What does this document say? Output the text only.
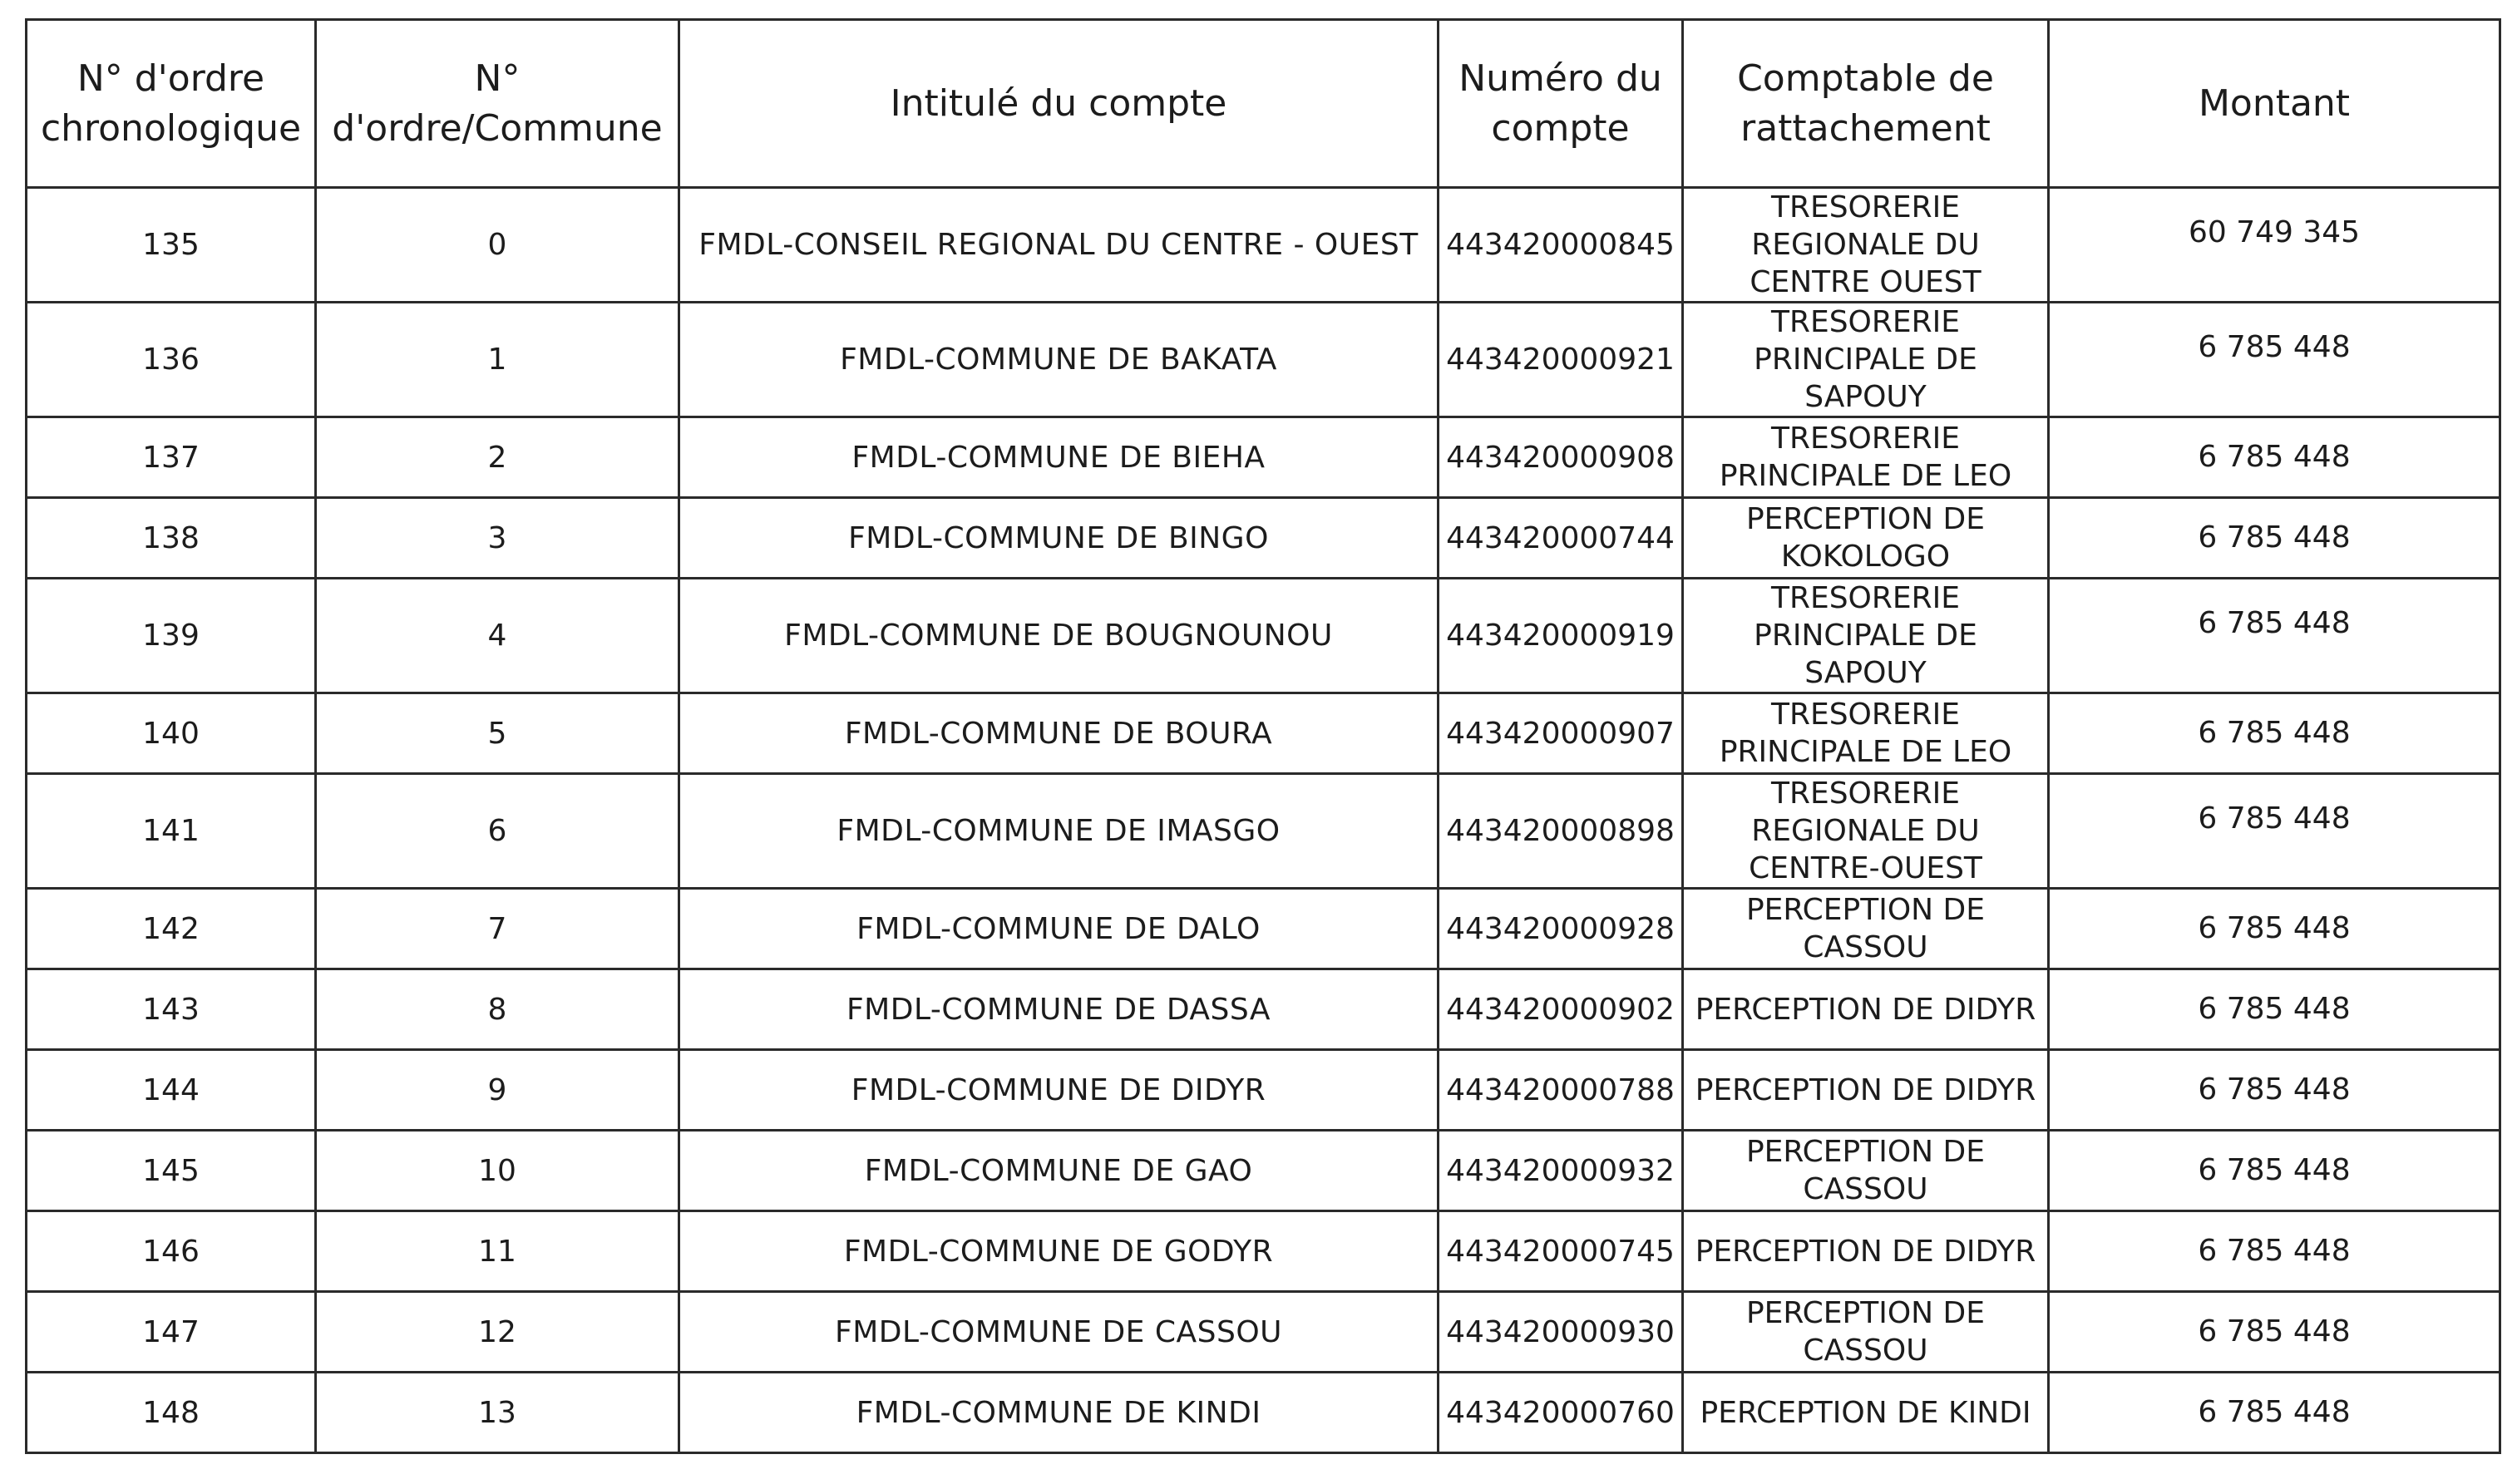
N° d'ordre chronologique	N° d'ordre/Commune	Intitulé du compte	Numéro du compte	Comptable de rattachement	Montant
135	0	FMDL-CONSEIL REGIONAL DU CENTRE - OUEST	443420000845	TRESORERIE REGIONALE DU CENTRE OUEST	60 749 345
136	1	FMDL-COMMUNE DE BAKATA	443420000921	TRESORERIE PRINCIPALE DE SAPOUY	6 785 448
137	2	FMDL-COMMUNE DE BIEHA	443420000908	TRESORERIE PRINCIPALE DE LEO	6 785 448
138	3	FMDL-COMMUNE DE BINGO	443420000744	PERCEPTION DE KOKOLOGO	6 785 448
139	4	FMDL-COMMUNE DE BOUGNOUNOU	443420000919	TRESORERIE PRINCIPALE DE SAPOUY	6 785 448
140	5	FMDL-COMMUNE DE BOURA	443420000907	TRESORERIE PRINCIPALE DE LEO	6 785 448
141	6	FMDL-COMMUNE DE IMASGO	443420000898	TRESORERIE REGIONALE DU CENTRE-OUEST	6 785 448
142	7	FMDL-COMMUNE DE DALO	443420000928	PERCEPTION DE CASSOU	6 785 448
143	8	FMDL-COMMUNE DE DASSA	443420000902	PERCEPTION DE DIDYR	6 785 448
144	9	FMDL-COMMUNE DE DIDYR	443420000788	PERCEPTION DE DIDYR	6 785 448
145	10	FMDL-COMMUNE DE GAO	443420000932	PERCEPTION DE CASSOU	6 785 448
146	11	FMDL-COMMUNE DE GODYR	443420000745	PERCEPTION DE DIDYR	6 785 448
147	12	FMDL-COMMUNE DE CASSOU	443420000930	PERCEPTION DE CASSOU	6 785 448
148	13	FMDL-COMMUNE DE KINDI	443420000760	PERCEPTION DE KINDI	6 785 448
